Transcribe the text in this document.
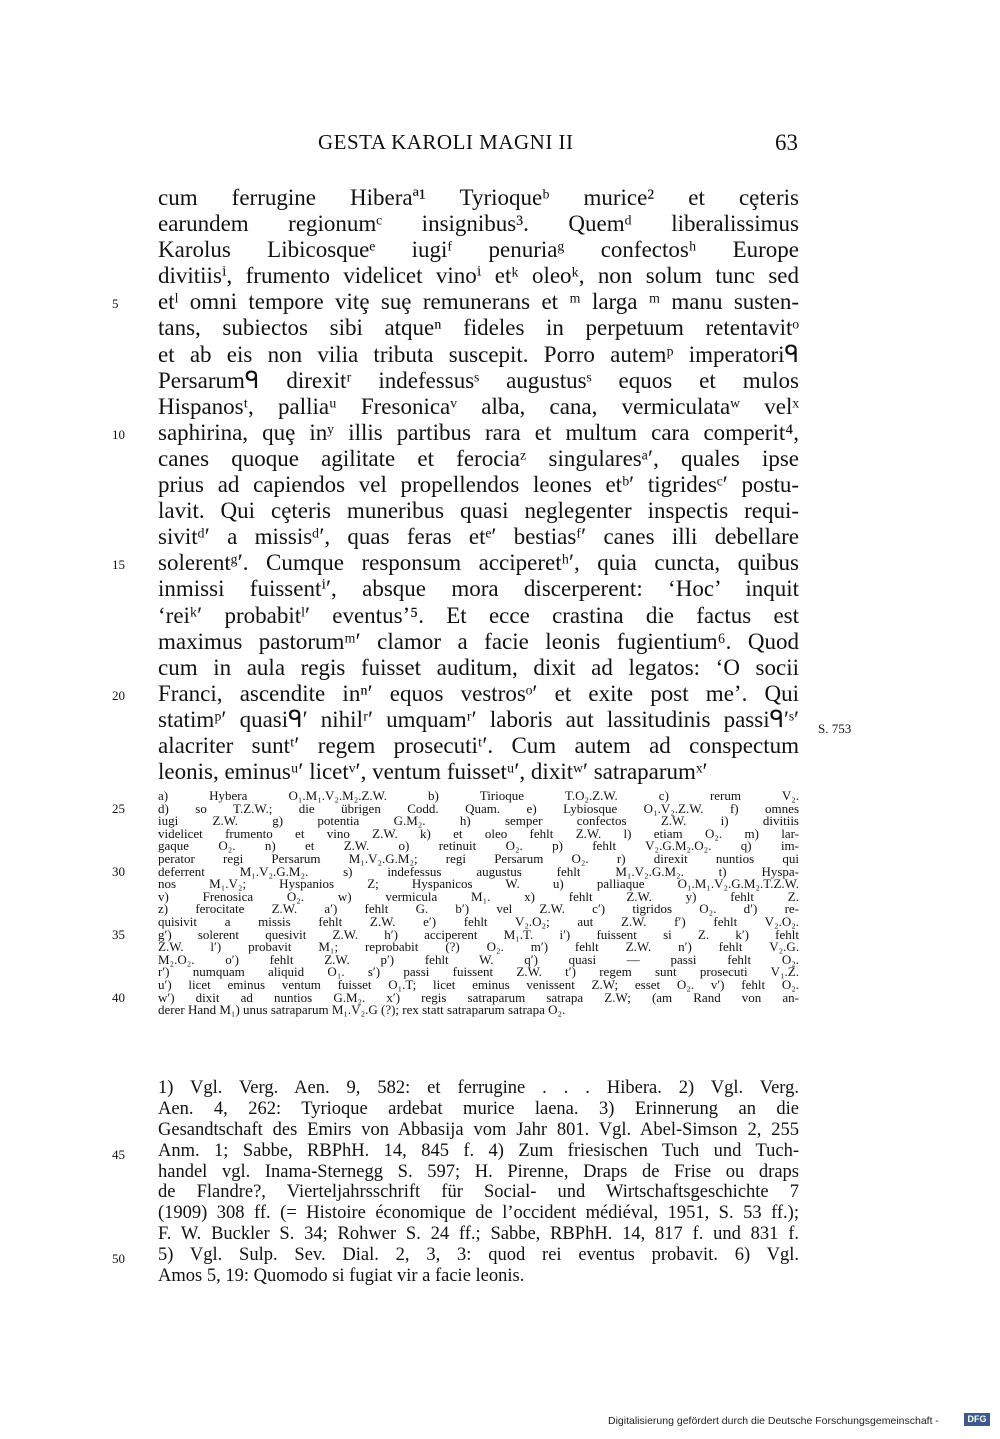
GESTA KAROLI MAGNI II	63
cum ferrugine Hiberaª¹ Tyrioqueᵇ murice² et cȩteris
earundem regionumᶜ insignibus³. Quemᵈ liberalissimus
Karolus Libicosqueᵉ iugiᶠ penuriaᵍ confectosʰ Europe
divitiisⁱ, frumento videlicet vinoⁱ etᵏ oleoᵏ, non solum tunc sed
5	etˡ omni tempore vitȩ suȩ remunerans et ᵐ larga ᵐ manu susten-
tans, subiectos sibi atqueⁿ fideles in perpetuum retentavitᵒ
et ab eis non vilia tributa suscepit. Porro autemᵖ imperatoriᑫ
Persarumᑫ direxitʳ indefessusˢ augustusˢ equos et mulos
Hispanosᵗ, palliaᵘ Fresonicaᵛ alba, cana, vermiculataʷ velˣ
10	saphirina, quȩ inʸ illis partibus rara et multum cara comperit⁴,
canes quoque agilitate et ferociaᶻ singularesᵃ′, quales ipse
prius ad capiendos vel propellendos leones etᵇ′ tigridesᶜ′ postu-
lavit. Qui cȩteris muneribus quasi neglegenter inspectis requi-
sivitᵈ′ a missisᵈ′, quas feras etᵉ′ bestiasᶠ′ canes illi debellare
15	solerentᵍ′. Cumque responsum acciperetʰ′, quia cuncta, quibus
inmissi fuissentⁱ′, absque mora discerperent: ‘Hoc’ inquit
‘reiᵏ′ probabitˡ′ eventus’⁵. Et ecce crastina die factus est
maximus pastorumᵐ′ clamor a facie leonis fugientium⁶. Quod
cum in aula regis fuisset auditum, dixit ad legatos: ‘O socii
20	Franci, ascendite inⁿ′ equos vestrosᵒ′ et exite post me’. Qui
statimᵖ′ quasiᑫ′ nihilʳ′ umquamʳ′ laboris aut lassitudinis passiᑫ′ˢ′
alacriter suntᵗ′ regem prosecutiᵗ′. Cum autem ad conspectum
leonis, eminusᵘ′ licetᵛ′, ventum fuissetᵘ′, dixitʷ′ satraparumˣ′
S. 753
a) Hybera O₁.M₁.V₂.M₂.Z.W. b) Tirioque T.O₂.Z.W. c) rerum V₂.
25	d) so T.Z.W.; die übrigen Codd. Quam. e) Lybiosque O₁.V₂.Z.W. f) omnes
iugi Z.W. g) potentia G.M₂. h) semper confectos Z.W. i) divitiis
videlicet frumento et vino Z.W. k) et oleo fehlt Z.W. l) etiam O₂. m) lar-
gaque O₂. n) et Z.W. o) retinuit O₂. p) fehlt V₂.G.M₂.O₂. q) im-
perator regi Persarum M₁.V₂.G.M₂; regi Persarum O₂. r) direxit nuntios qui
30	deferrent M₁.V₂.G.M₂. s) indefessus augustus fehlt M₁.V₂.G.M₂. t) Hyspa-
nos M₁.V₂; Hyspanios Z; Hyspanicos W. u) palliaque O₁.M₁.V₂.G.M₂.T.Z.W.
v) Frenosica O₂. w) vermicula M₁. x) fehlt Z.W. y) fehlt Z.
z) ferocitate Z.W. a′) fehlt G. b′) vel Z.W. c′) tigridos O₂. d′) re-
quisivit a missis fehlt Z.W. e′) fehlt V₂.O₂; aut Z.W. f′) fehlt V₂.O₂.
35	g′) solerent quesivit Z.W. h′) acciperent M₁.T. i′) fuissent si Z. k′) fehlt
Z.W. l′) probavit M₁; reprobabit (?) O₂. m′) fehlt Z.W. n′) fehlt V₂.G.
M₂.O₂. o′) fehlt Z.W. p′) fehlt W. q′) quasi — passi fehlt O₂.
r′) numquam aliquid O₁. s′) passi fuissent Z.W. t′) regem sunt prosecuti V₁.Z.
u′) licet eminus ventum fuisset O₁.T; licet eminus venissent Z.W; esset O₂. v′) fehlt O₂.
40	w′) dixit ad nuntios G.M₂. x′) regis satraparum satrapa Z.W; (am Rand von an-
derer Hand M₁) unus satraparum M₁.V₂.G (?); rex statt satraparum satrapa O₂.
1) Vgl. Verg. Aen. 9, 582: et ferrugine . . . Hibera. 2) Vgl. Verg.
Aen. 4, 262: Tyrioque ardebat murice laena. 3) Erinnerung an die
Gesandtschaft des Emirs von Abbasija vom Jahr 801. Vgl. Abel-Simson 2, 255
45 Anm. 1; Sabbe, RBPhH. 14, 845 f. 4) Zum friesischen Tuch und Tuch-
handel vgl. Inama-Sternegg S. 597; H. Pirenne, Draps de Frise ou draps
de Flandre?, Vierteljahrsschrift für Social- und Wirtschaftsgeschichte 7
(1909) 308 ff. (= Histoire économique de l’occident médiéval, 1951, S. 53 ff.);
F. W. Buckler S. 34; Rohwer S. 24 ff.; Sabbe, RBPhH. 14, 817 f. und 831 f.
50 5) Vgl. Sulp. Sev. Dial. 2, 3, 3: quod rei eventus probavit. 6) Vgl.
Amos 5, 19: Quomodo si fugiat vir a facie leonis.
Digitalisierung gefördert durch die Deutsche Forschungsgemeinschaft -	DFG
